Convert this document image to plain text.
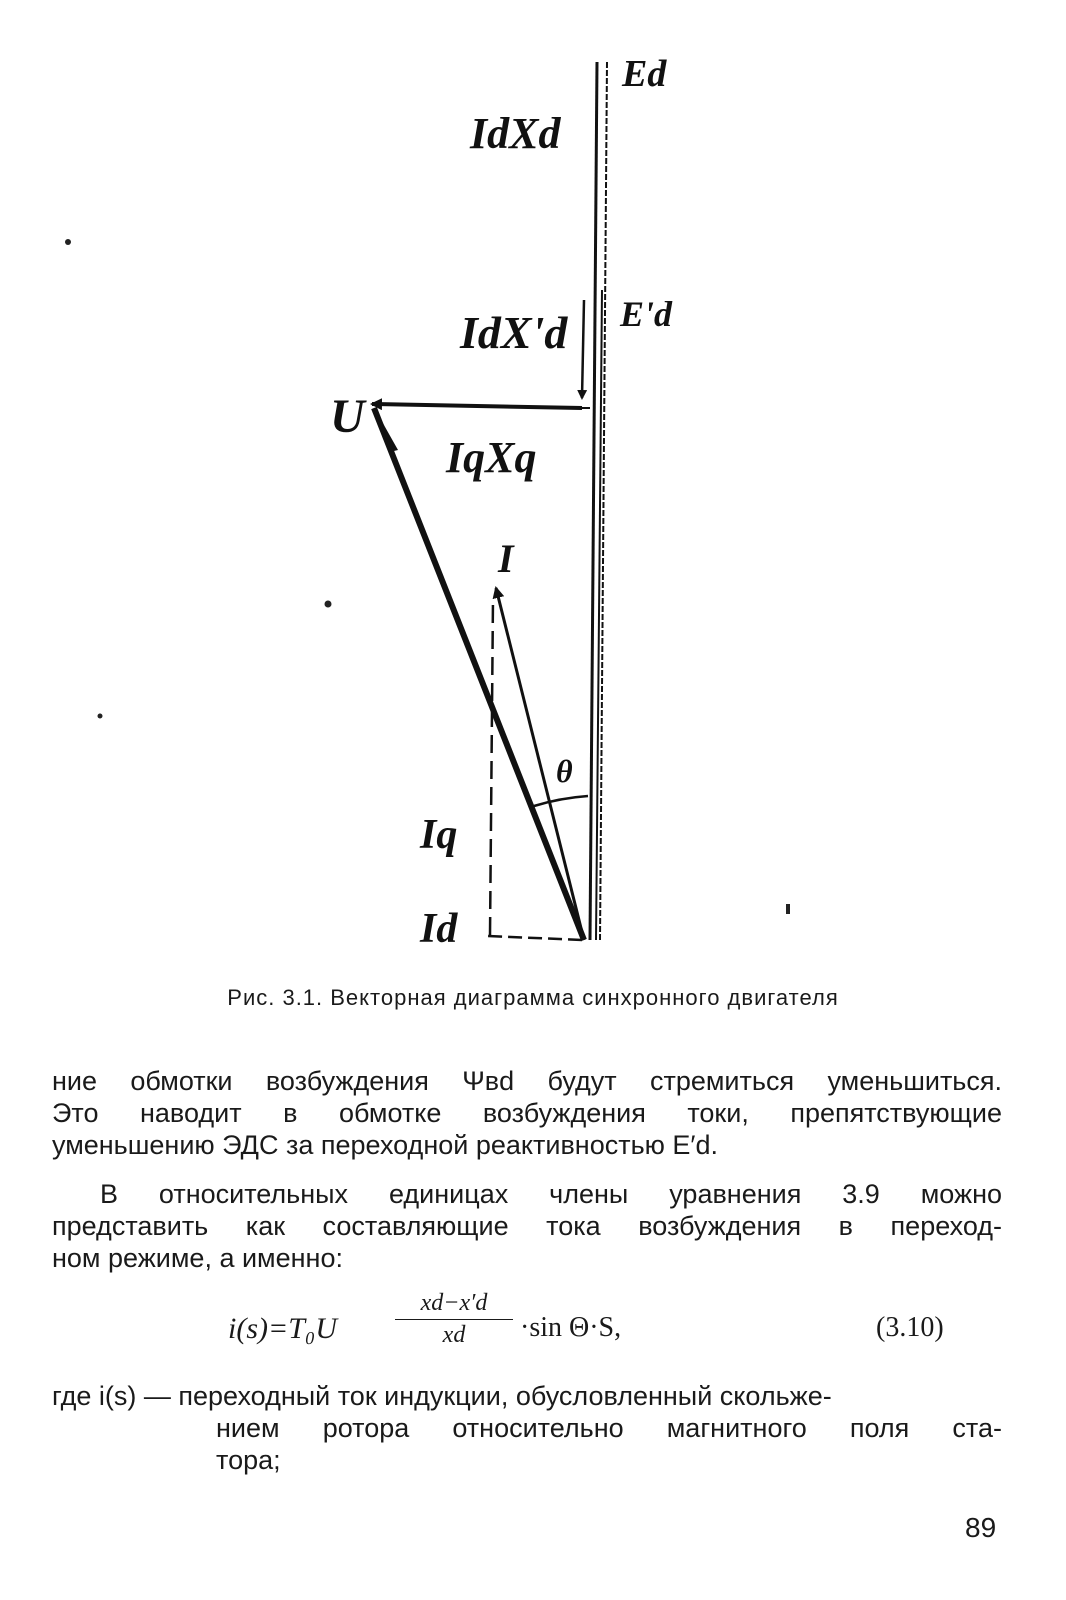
Ed
IdXd
E'd
IdX'd
U
IqXq
I
θ
Iq
Id
Рис. 3.1. Векторная диаграмма синхронного двигателя
ние обмотки возбуждения Ψвd будут стремиться уменьшиться.
Это наводит в обмотке возбуждения токи, препятствующие
уменьшению ЭДС за переходной реактивностью E′d.
В относительных единицах члены уравнения 3.9 можно
представить как составляющие тока возбуждения в переход-
ном режиме, а именно:
$i(s)=T_0U \frac{xd-x'd}{xd} \cdot\sin$ Θ·S,	(3.10)
где i(s) — переходный ток индукции, обусловленный скольже-
нием ротора относительно магнитного поля ста-
тора;
89
